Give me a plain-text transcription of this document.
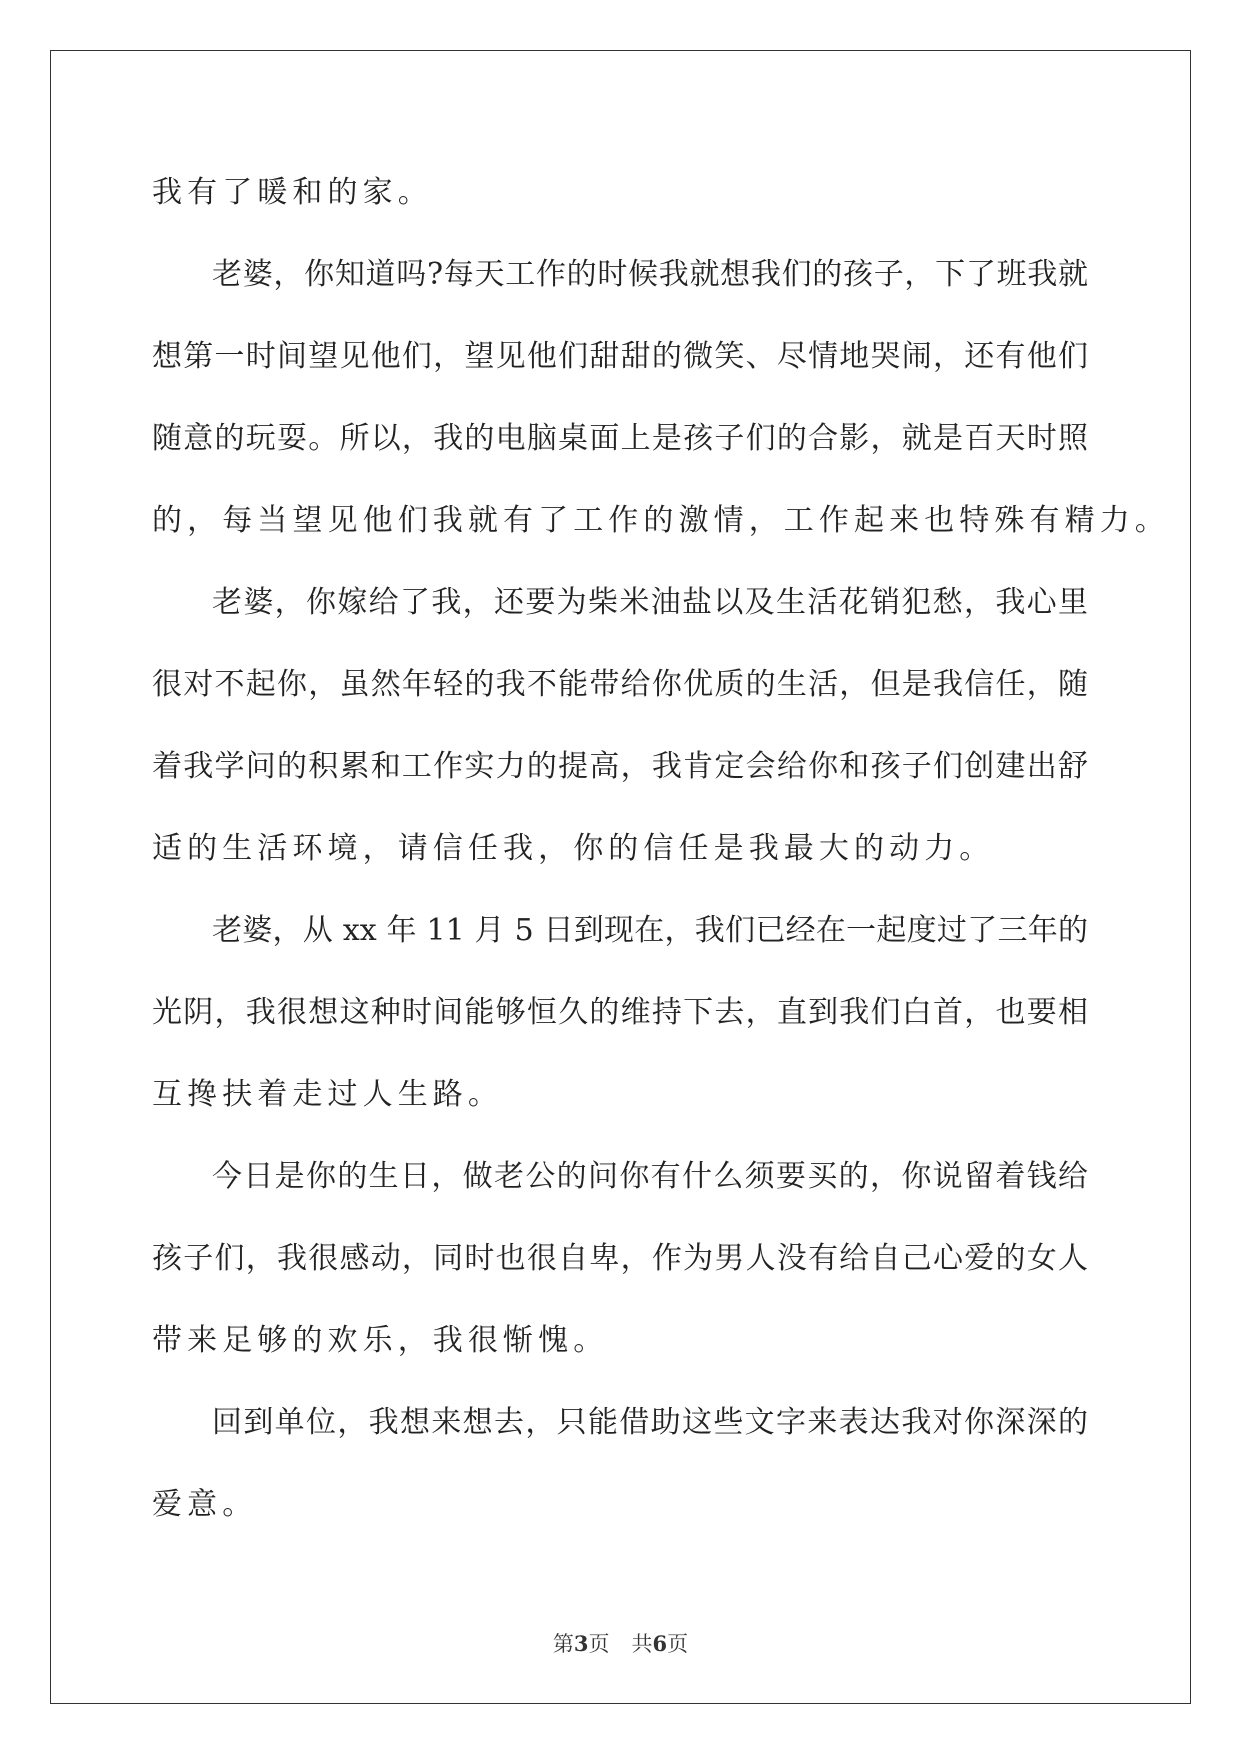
我有了暖和的家。
老婆，你知道吗?每天工作的时候我就想我们的孩子，下了班我就
想第一时间望见他们，望见他们甜甜的微笑、尽情地哭闹，还有他们
随意的玩耍。所以，我的电脑桌面上是孩子们的合影，就是百天时照
的，每当望见他们我就有了工作的激情，工作起来也特殊有精力。
老婆，你嫁给了我，还要为柴米油盐以及生活花销犯愁，我心里
很对不起你，虽然年轻的我不能带给你优质的生活，但是我信任，随
着我学问的积累和工作实力的提高，我肯定会给你和孩子们创建出舒
适的生活环境，请信任我，你的信任是我最大的动力。
老婆，从 xx 年 11 月 5 日到现在，我们已经在一起度过了三年的
光阴，我很想这种时间能够恒久的维持下去，直到我们白首，也要相
互搀扶着走过人生路。
今日是你的生日，做老公的问你有什么须要买的，你说留着钱给
孩子们，我很感动，同时也很自卑，作为男人没有给自己心爱的女人
带来足够的欢乐，我很惭愧。
回到单位，我想来想去，只能借助这些文字来表达我对你深深的
爱意。
第3页 共6页
